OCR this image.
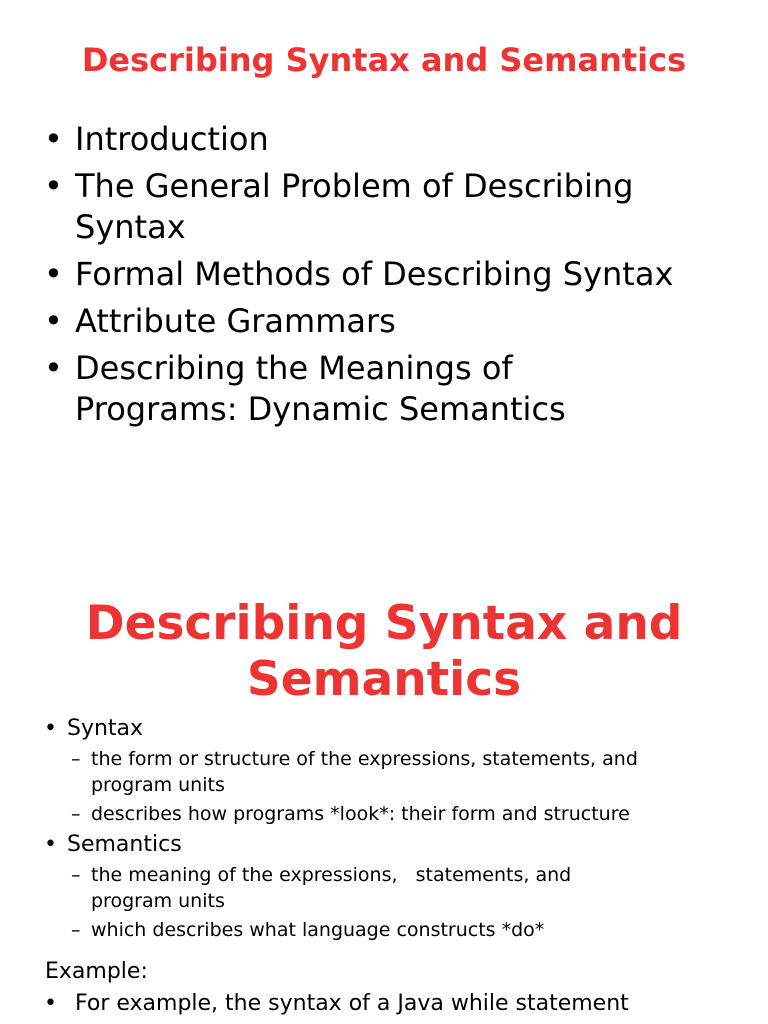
Describing Syntax and Semantics
• Introduction
• The General Problem of Describing Syntax
• Formal Methods of Describing Syntax
• Attribute Grammars
• Describing the Meanings of Programs: Dynamic Semantics
Describing Syntax and
Semantics
• Syntax
– the form or structure of the expressions, statements, and program units
– describes how programs *look*: their form and structure
• Semantics
– the meaning of the expressions,   statements, and program units
– which describes what language constructs *do*

Example:

• For example, the syntax of a Java while statement
